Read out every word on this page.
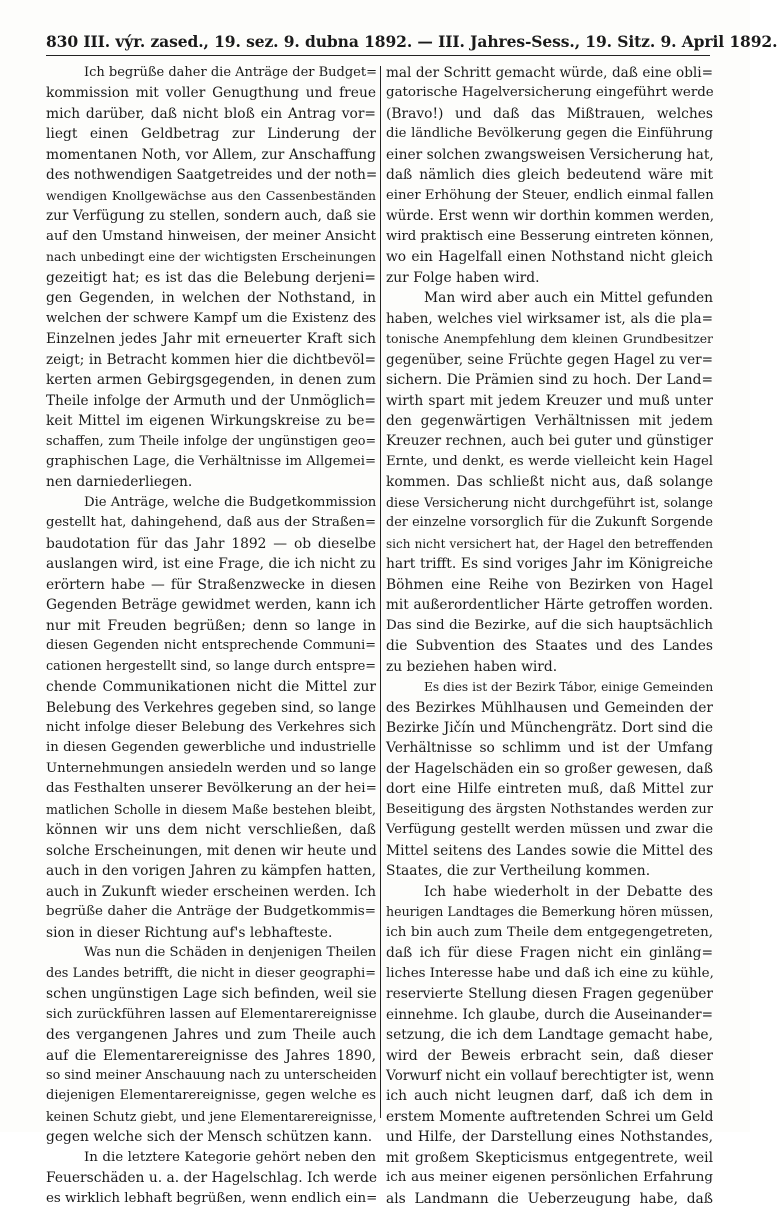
830 III. výr. zased., 19. sez. 9. dubna 1892. — III. Jahres-Sess., 19. Sitz. 9. April 1892.
Ich begrüße daher die Anträge der Budget=
kommission mit voller Genugthung und freue
mich darüber, daß nicht bloß ein Antrag vor=
liegt einen Geldbetrag zur Linderung der
momentanen Noth, vor Allem, zur Anschaffung
des nothwendigen Saatgetreides und der noth=
wendigen Knollgewächse aus den Cassenbeständen
zur Verfügung zu stellen, sondern auch, daß sie
auf den Umstand hinweisen, der meiner Ansicht
nach unbedingt eine der wichtigsten Erscheinungen
gezeitigt hat; es ist das die Belebung derjeni=
gen Gegenden, in welchen der Nothstand, in
welchen der schwere Kampf um die Existenz des
Einzelnen jedes Jahr mit erneuerter Kraft sich
zeigt; in Betracht kommen hier die dichtbevöl=
kerten armen Gebirgsgegenden, in denen zum
Theile infolge der Armuth und der Unmöglich=
keit Mittel im eigenen Wirkungskreise zu be=
schaffen, zum Theile infolge der ungünstigen geo=
graphischen Lage, die Verhältnisse im Allgemei=
nen darniederliegen.
Die Anträge, welche die Budgetkommission
gestellt hat, dahingehend, daß aus der Straßen=
baudotation für das Jahr 1892 — ob dieselbe
auslangen wird, ist eine Frage, die ich nicht zu
erörtern habe — für Straßenzwecke in diesen
Gegenden Beträge gewidmet werden, kann ich
nur mit Freuden begrüßen; denn so lange in
diesen Gegenden nicht entsprechende Communi=
cationen hergestellt sind, so lange durch entspre=
chende Communikationen nicht die Mittel zur
Belebung des Verkehres gegeben sind, so lange
nicht infolge dieser Belebung des Verkehres sich
in diesen Gegenden gewerbliche und industrielle
Unternehmungen ansiedeln werden und so lange
das Festhalten unserer Bevölkerung an der hei=
matlichen Scholle in diesem Maße bestehen bleibt,
können wir uns dem nicht verschließen, daß
solche Erscheinungen, mit denen wir heute und
auch in den vorigen Jahren zu kämpfen hatten,
auch in Zukunft wieder erscheinen werden. Ich
begrüße daher die Anträge der Budgetkommis=
sion in dieser Richtung auf's lebhafteste.
Was nun die Schäden in denjenigen Theilen
des Landes betrifft, die nicht in dieser geographi=
schen ungünstigen Lage sich befinden, weil sie
sich zurückführen lassen auf Elementarereignisse
des vergangenen Jahres und zum Theile auch
auf die Elementarereignisse des Jahres 1890,
so sind meiner Anschauung nach zu unterscheiden
diejenigen Elementarereignisse, gegen welche es
keinen Schutz giebt, und jene Elementarereignisse,
gegen welche sich der Mensch schützen kann.
In die letztere Kategorie gehört neben den
Feuerschäden u. a. der Hagelschlag. Ich werde
es wirklich lebhaft begrüßen, wenn endlich ein=
mal der Schritt gemacht würde, daß eine obli=
gatorische Hagelversicherung eingeführt werde
(Bravo!) und daß das Mißtrauen, welches
die ländliche Bevölkerung gegen die Einführung
einer solchen zwangsweisen Versicherung hat,
daß nämlich dies gleich bedeutend wäre mit
einer Erhöhung der Steuer, endlich einmal fallen
würde. Erst wenn wir dorthin kommen werden,
wird praktisch eine Besserung eintreten können,
wo ein Hagelfall einen Nothstand nicht gleich
zur Folge haben wird.
Man wird aber auch ein Mittel gefunden
haben, welches viel wirksamer ist, als die pla=
tonische Anempfehlung dem kleinen Grundbesitzer
gegenüber, seine Früchte gegen Hagel zu ver=
sichern. Die Prämien sind zu hoch. Der Land=
wirth spart mit jedem Kreuzer und muß unter
den gegenwärtigen Verhältnissen mit jedem
Kreuzer rechnen, auch bei guter und günstiger
Ernte, und denkt, es werde vielleicht kein Hagel
kommen. Das schließt nicht aus, daß solange
diese Versicherung nicht durchgeführt ist, solange
der einzelne vorsorglich für die Zukunft Sorgende
sich nicht versichert hat, der Hagel den betreffenden
hart trifft. Es sind voriges Jahr im Königreiche
Böhmen eine Reihe von Bezirken von Hagel
mit außerordentlicher Härte getroffen worden.
Das sind die Bezirke, auf die sich hauptsächlich
die Subvention des Staates und des Landes
zu beziehen haben wird.
Es dies ist der Bezirk Tábor, einige Gemeinden
des Bezirkes Mühlhausen und Gemeinden der
Bezirke Jičín und Münchengrätz. Dort sind die
Verhältnisse so schlimm und ist der Umfang
der Hagelschäden ein so großer gewesen, daß
dort eine Hilfe eintreten muß, daß Mittel zur
Beseitigung des ärgsten Nothstandes werden zur
Verfügung gestellt werden müssen und zwar die
Mittel seitens des Landes sowie die Mittel des
Staates, die zur Vertheilung kommen.
Ich habe wiederholt in der Debatte des
heurigen Landtages die Bemerkung hören müssen,
ich bin auch zum Theile dem entgegengetreten,
daß ich für diese Fragen nicht ein ginläng=
liches Interesse habe und daß ich eine zu kühle,
reservierte Stellung diesen Fragen gegenüber
einnehme. Ich glaube, durch die Auseinander=
setzung, die ich dem Landtage gemacht habe,
wird der Beweis erbracht sein, daß dieser
Vorwurf nicht ein vollauf berechtigter ist, wenn
ich auch nicht leugnen darf, daß ich dem in
erstem Momente auftretenden Schrei um Geld
und Hilfe, der Darstellung eines Nothstandes,
mit großem Skepticismus entgegentrete, weil
ich aus meiner eigenen persönlichen Erfahrung
als Landmann die Ueberzeugung habe, daß
